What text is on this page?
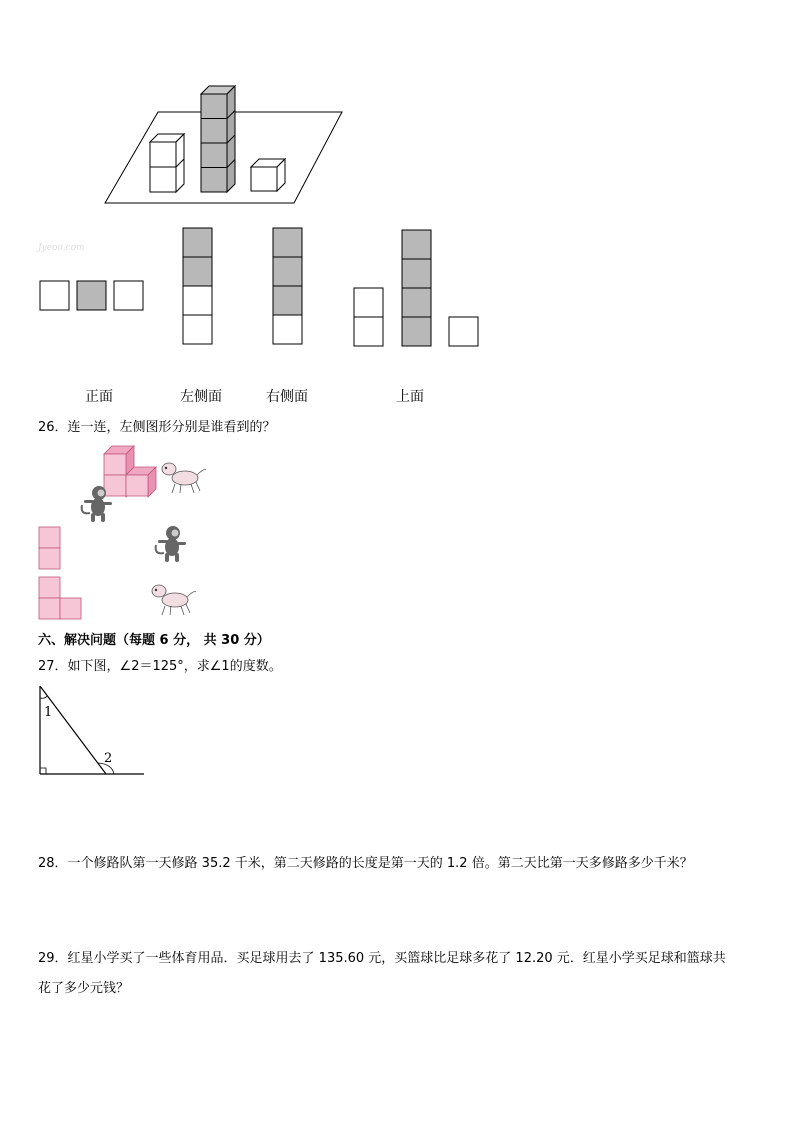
Jyeoo.com
正面	左侧面	右侧面	上面
26．连一连，左侧图形分别是谁看到的？
六、解决问题（每题 6 分， 共 30 分）
27．如下图，∠2＝125°，求∠1的度数。
1
2
28．一个修路队第一天修路 35.2 千米，第二天修路的长度是第一天的 1.2 倍。第二天比第一天多修路多少千米？
29．红星小学买了一些体育用品．买足球用去了 135.60 元，买篮球比足球多花了 12.20 元．红星小学买足球和篮球共
花了多少元钱？
